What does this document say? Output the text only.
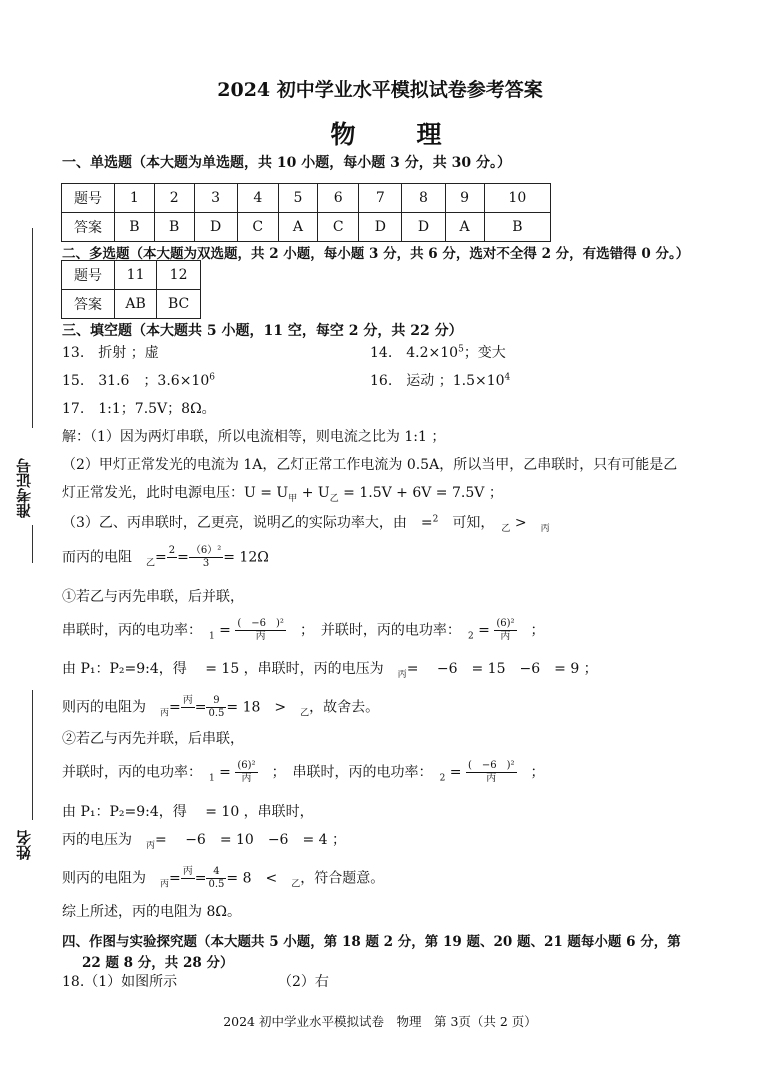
2024 初中学业水平模拟试卷参考答案
物　理
准考证号
姓名
一、单选题（本大题为单选题，共 10 小题，每小题 3 分，共 30 分。）
题号	1	2	3	4	5	6	7	8	9	10
答案	B	B	D	C	A	C	D	D	A	B
二、多选题（本大题为双选题，共 2 小题，每小题 3 分，共 6 分，选对不全得 2 分，有选错得 0 分。）
题号	11	12
答案	AB	BC
三、填空题（本大题共 5 小题，11 空，每空 2 分，共 22 分）
13.　折射 ；虚	14.　$4.2\times 10^5$；变大
15.　31.6　；$3.6\times 10^6$	16.　运动 ；$1.5\times 10^4$
17.　1:1；7.5V；8Ω。
解：（1）因为两灯串联，所以电流相等，则电流之比为 1:1 ；
（2）甲灯正常发光的电流为 1A，乙灯正常工作电流为 0.5A，所以当甲，乙串联时，只有可能是乙
灯正常发光，此时电源电压：$U = U_甲 + U_乙 = 1.5V + 6V = 7.5V$ ；
（3）乙、丙串联时，乙更亮，说明乙的实际功率大，由　=$^2$　 可知，　 $_乙$ >　 $_丙$
而丙的电阻　 $_乙$= 2
= $\frac{\text{（6）²}}{3} = 12\Omega$
①若乙与丙先串联，后并联，
串联时，丙的电功率：　 $_1 = \frac{\text{(　−6　)²}}{\text{丙}}$
　 ；　并联时，丙的电功率：　 $_2 = \frac{\text{(6)²}}{\text{丙}}$
　 ；
由 P₁：P₂=9:4，得　 = 15 ，串联时，丙的电压为　 $_丙$=　 −6　= 15　−6　= 9 ；
则丙的电阻为　 $_丙$= 丙
= $\frac{9}{0.5} = 18$　>　 $_乙$，故舍去。
②若乙与丙先并联，后串联，
并联时，丙的电功率：　 $_1 = \frac{\text{(6)²}}{\text{丙}}$
　 ；　串联时，丙的电功率：　 $_2 = \frac{\text{(　−6　)²}}{\text{丙}}$
　 ；
由 P₁：P₂=9:4，得　 = 10 ，串联时，
丙的电压为　 $_丙$=　 −6　= 10　−6　= 4 ；
则丙的电阻为　 $_丙$= 丙
= $\frac{4}{0.5} = 8$　<　 $_乙$，符合题意。
综上所述，丙的电阻为 8Ω。
四、作图与实验探究题（本大题共 5 小题，第 18 题 2 分，第 19 题、20 题、21 题每小题 6 分，第
22 题 8 分，共 28 分）
18.（1）如图所示	（2）右
2024 初中学业水平模拟试卷　物理　第 3页（共 2 页）
